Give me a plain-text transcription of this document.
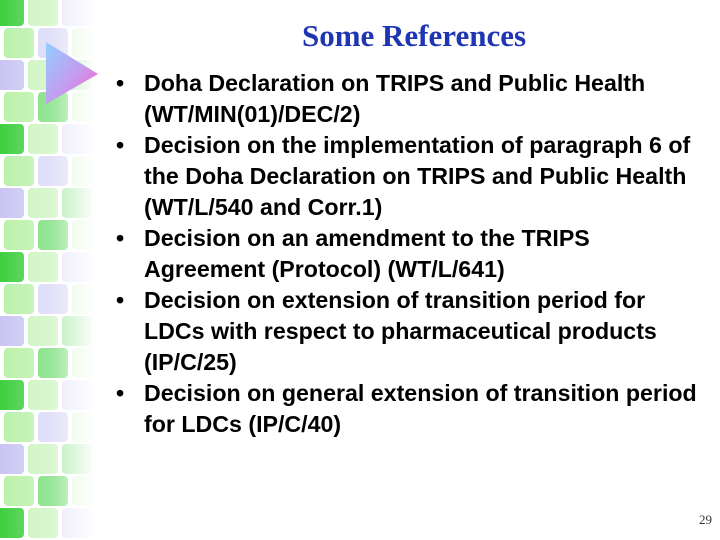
Some References
• Doha Declaration on TRIPS and Public Health (WT/MIN(01)/DEC/2)
• Decision on the implementation of paragraph 6 of the Doha Declaration on TRIPS and Public Health (WT/L/540 and Corr.1)
• Decision on an amendment to the TRIPS Agreement (Protocol) (WT/L/641)
• Decision on extension of transition period for LDCs with respect to pharmaceutical products (IP/C/25)
• Decision on general extension of transition period for LDCs (IP/C/40)
29
